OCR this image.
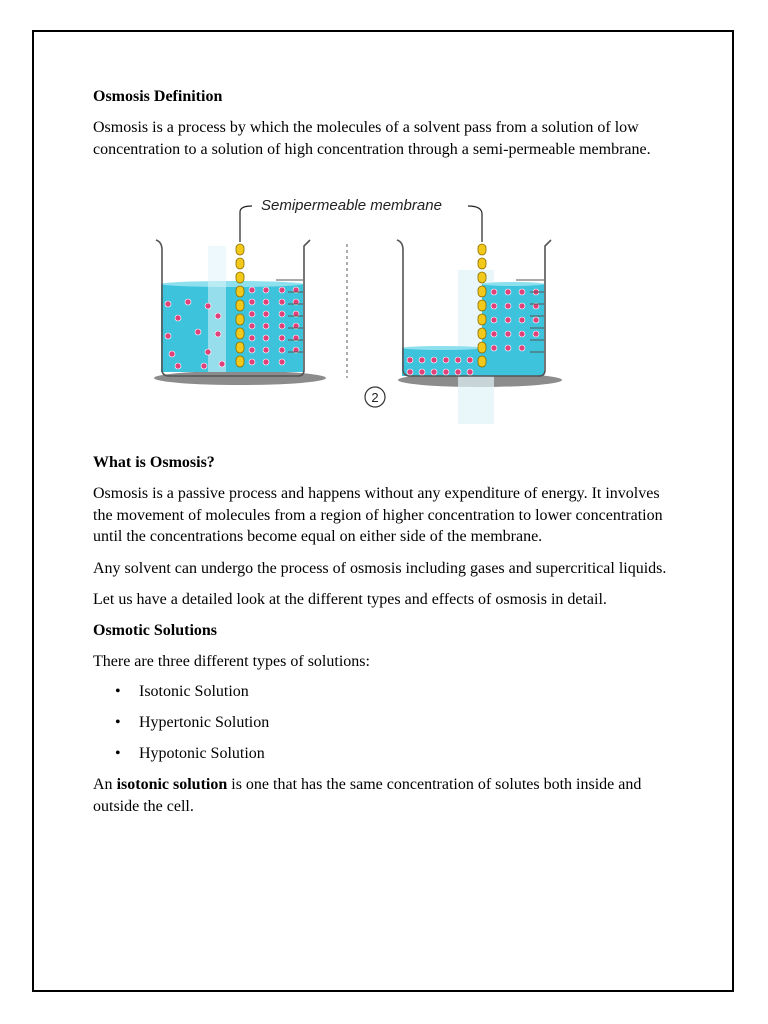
Osmosis Definition

Osmosis is a process by which the molecules of a solvent pass from a solution of low concentration to a solution of high concentration through a semi-permeable membrane.

Semipermeable membrane
2
What is Osmosis?

Osmosis is a passive process and happens without any expenditure of energy. It involves the movement of molecules from a region of higher concentration to lower concentration until the concentrations become equal on either side of the membrane.

Any solvent can undergo the process of osmosis including gases and supercritical liquids.

Let us have a detailed look at the different types and effects of osmosis in detail.

Osmotic Solutions

There are three different types of solutions:

• Isotonic Solution
• Hypertonic Solution
• Hypotonic Solution

An isotonic solution is one that has the same concentration of solutes both inside and outside the cell.
